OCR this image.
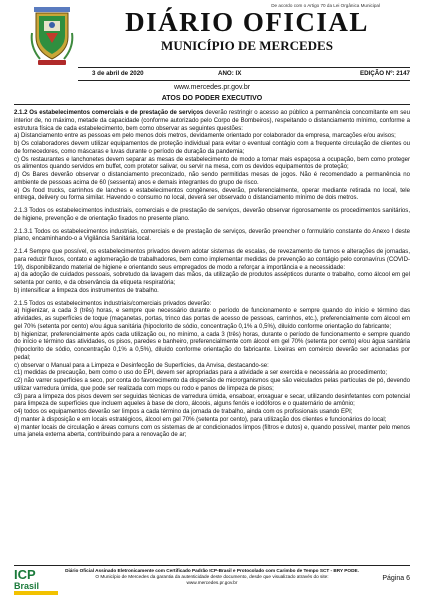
De acordo com o Artigo 70 da Lei Orgânica Municipal
DIÁRIO OFICIAL
MUNICÍPIO DE MERCEDES
3 de abril de 2020	ANO: IX	EDIÇÃO Nº: 2147
www.mercedes.pr.gov.br
ATOS DO PODER EXECUTIVO

2.1.2 Os estabelecimentos comerciais e de prestação de serviços deverão restringir o acesso ao público a permanência concomitante em seu interior de, no máximo, metade da capacidade (conforme autorizado pelo Corpo de Bombeiros), respeitando o distanciamento mínimo, conforme a estrutura física de cada estabelecimento, bem como observar as seguintes questões:

a) Distanciamento entre as pessoas em pelo menos dois metros, devidamente orientado por colaborador da empresa, marcações e/ou avisos;

b) Os colaboradores devem utilizar equipamentos de proteção individual para evitar o eventual contágio com a frequente circulação de clientes ou de fornecedores, como máscaras e luvas durante o período de duração da pandemia;

c) Os restaurantes e lanchonetes devem separar as mesas de estabelecimento de modo a tornar mais espaçosa a ocupação, bem como proteger os alimentos quando servidos em buffet, com protetor salivar, ou servir na mesa, com os devidos equipamentos de proteção;

d) Os Bares deverão observar o distanciamento preconizado, não sendo permitidas mesas de jogos. Não é recomendado a permanência no ambiente de pessoas acima de 60 (sessenta) anos e demais integrantes do grupo de risco.

e) Os food trucks, carrinhos de lanches e estabelecimentos congêneres, deverão, preferencialmente, operar mediante retirada no local, tele entrega, delivery ou forma similar. Havendo o consumo no local, deverá ser observado o distanciamento mínimo de dois metros.

2.1.3 Todos os estabelecimentos industriais, comerciais e de prestação de serviços, deverão observar rigorosamente os procedimentos sanitários, de higiene, prevenção e de orientação fixados no presente plano.

2.1.3.1 Todos os estabelecimentos industriais, comerciais e de prestação de serviços, deverão preencher o formulário constante do Anexo I deste plano, encaminhando-o a Vigilância Sanitária local.

2.1.4 Sempre que possível, os estabelecimentos privados devem adotar sistemas de escalas, de revezamento de turnos e alterações de jornadas, para reduzir fluxos, contato e aglomeração de trabalhadores, bem como implementar medidas de prevenção ao contágio pelo coronavírus (COVID-19), disponibilizando material de higiene e orientando seus empregados de modo a reforçar a importância e a necessidade:

a) da adoção de cuidados pessoais, sobretudo da lavagem das mãos, da utilização de produtos assépticos durante o trabalho, como álcool em gel setenta por cento, e da observância da etiqueta respiratória;

b) intensificar a limpeza dos instrumentos de trabalho.

2.1.5 Todos os estabelecimentos industriais/comerciais privados deverão:

a) higienizar, a cada 3 (três) horas, e sempre que necessário durante o período de funcionamento e sempre quando do início e término das atividades, as superfícies de toque (maçanetas, portas, trinco das portas de acesso de pessoas, carrinhos, etc.), preferencialmente com álcool em gel 70% (setenta por cento) e/ou água sanitária (hipoclorito de sódio, concentração 0,1% a 0,5%), diluído conforme orientação do fabricante;

b) higienizar, preferencialmente após cada utilização ou, no mínimo, a cada 3 (três) horas, durante o período de funcionamento e sempre quando do início e término das atividades, os pisos, paredes e banheiro, preferencialmente com álcool em gel 70% (setenta por cento) e/ou água sanitária (hipoclorito de sódio, concentração 0,1% a 0,5%), diluído conforme orientação do fabricante. Lixeiras em comércio deverão ser acionadas por pedal;

c) observar o Manual para a Limpeza e Desinfecção de Superfícies, da Anvisa, destacando-se:

c1) medidas de precaução, bem como o uso do EPI, devem ser apropriadas para a atividade a ser exercida e necessária ao procedimento;

c2) não varrer superfícies a seco, por conta do favorecimento da dispersão de microrganismos que são veiculados pelas partículas de pó, devendo utilizar varredura úmida, que pode ser realizada com mops ou rodo e panos de limpeza de pisos;

c3) para a limpeza dos pisos devem ser seguidas técnicas de varredura úmida, ensaboar, enxaguar e secar, utilizando desinfetantes com potencial para limpeza de superfícies que incluem aqueles à base de cloro, álcoois, alguns fenóis e iodóforos e o quaternário de amônio;

c4) todos os equipamentos deverão ser limpos a cada término da jornada de trabalho, ainda com os profissionais usando EPI;

d) manter à disposição e em locais estratégicos, álcool em gel 70% (setenta por cento), para utilização dos clientes e funcionários do local;

e) manter locais de circulação e áreas comuns com os sistemas de ar condicionados limpos (filtros e dutos) e, quando possível, manter pelo menos uma janela externa aberta, contribuindo para a renovação de ar;

ICP
Brasil
Diário Oficial Assinado Eletronicamente com Certificado Padrão ICP-Brasil e Protocolado com Carimbo de Tempo SCT - BRY PODE.
O Município de Mercedes da garantia da autenticidade deste documento, desde que visualizado através do site:
www.mercedes.pr.gov.br
Página 6
